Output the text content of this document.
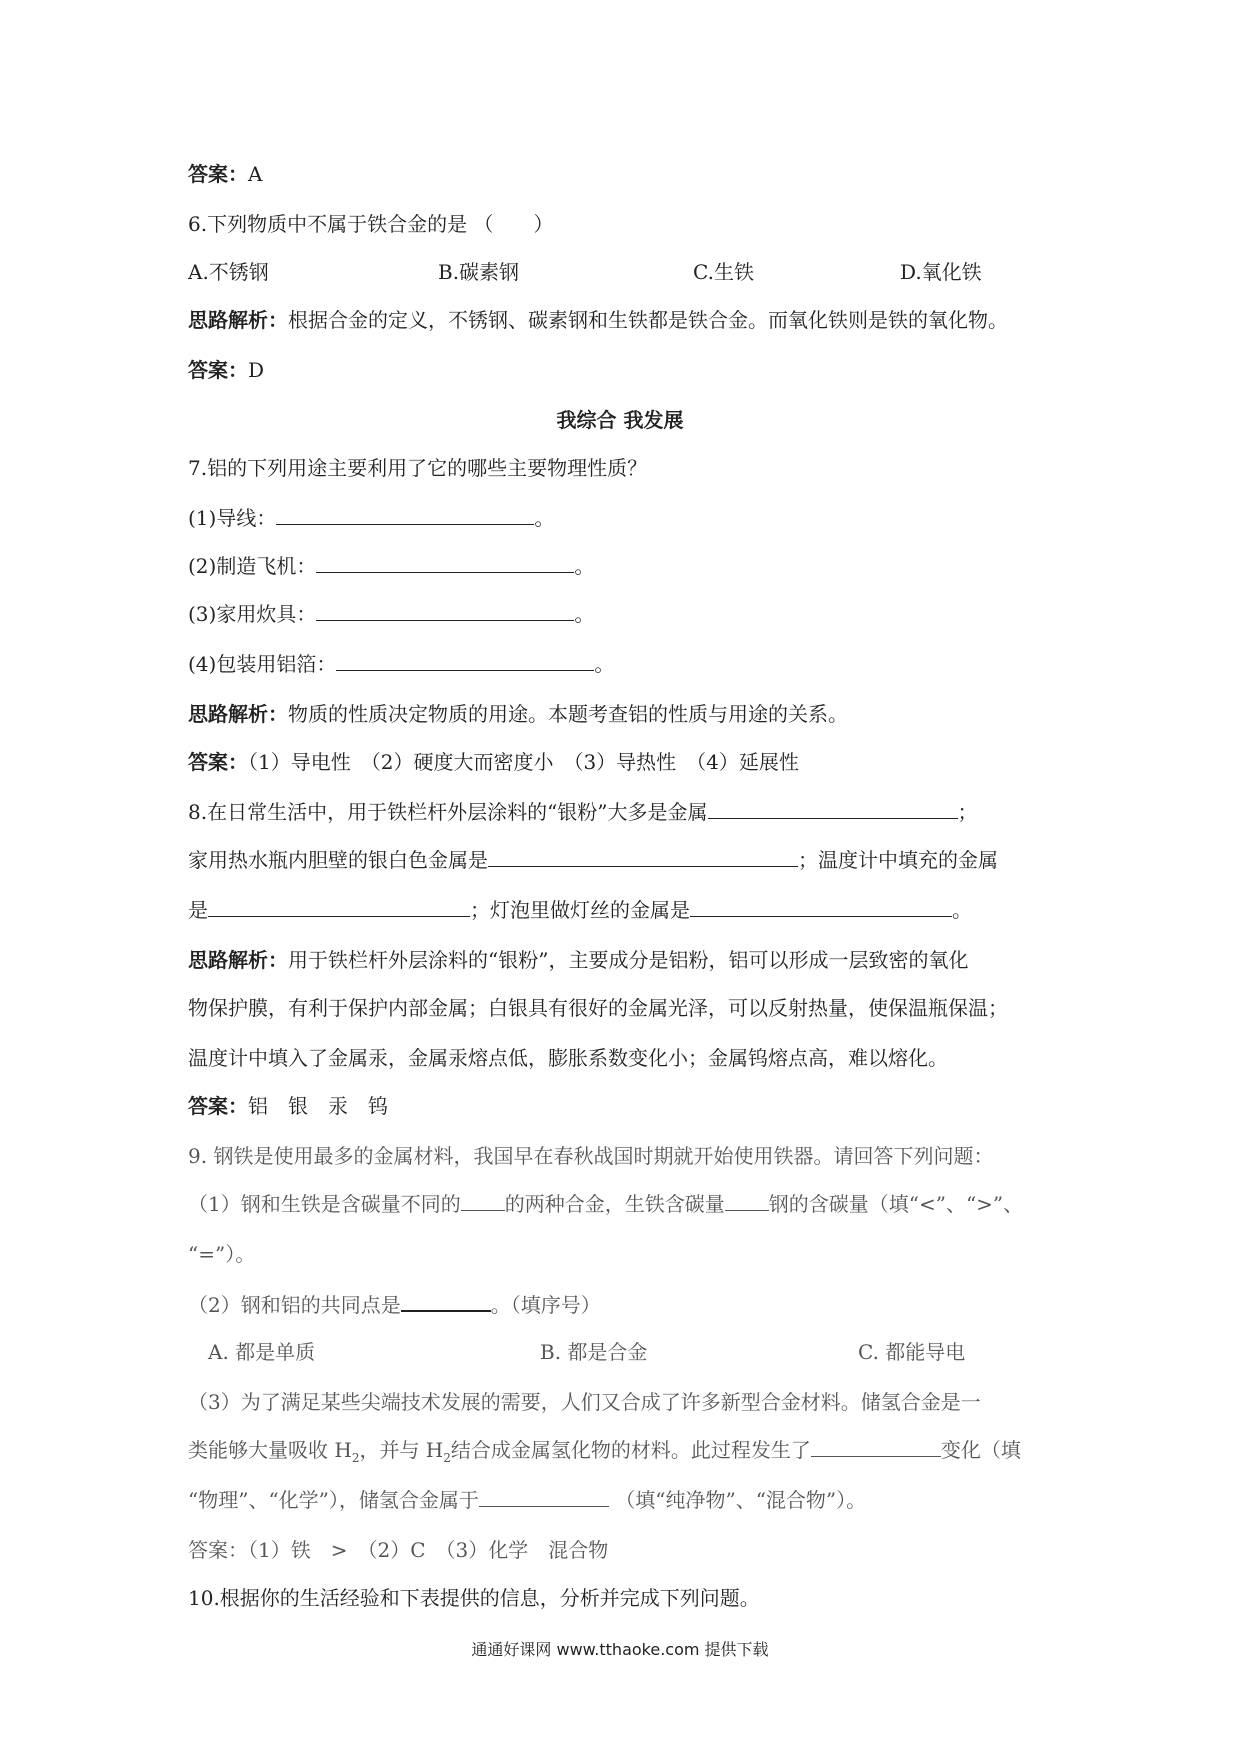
答案：A
6.下列物质中不属于铁合金的是 （　　）
A.不锈钢	B.碳素钢	C.生铁	D.氧化铁
思路解析：根据合金的定义，不锈钢、碳素钢和生铁都是铁合金。而氧化铁则是铁的氧化物。
答案：D
我综合 我发展
7.铝的下列用途主要利用了它的哪些主要物理性质？
(1)导线：	。
(2)制造飞机：	。
(3)家用炊具：	。
(4)包装用铝箔：	。
思路解析：物质的性质决定物质的用途。本题考查铝的性质与用途的关系。
答案：（1）导电性　（2）硬度大而密度小　（3）导热性　（4）延展性
8.在日常生活中，用于铁栏杆外层涂料的“银粉”大多是金属	；
家用热水瓶内胆壁的银白色金属是	；温度计中填充的金属
是	；灯泡里做灯丝的金属是	。
思路解析：用于铁栏杆外层涂料的“银粉”，主要成分是铝粉，铝可以形成一层致密的氧化
物保护膜，有利于保护内部金属；白银具有很好的金属光泽，可以反射热量，使保温瓶保温；
温度计中填入了金属汞，金属汞熔点低，膨胀系数变化小；金属钨熔点高，难以熔化。
答案：铝　银　汞　钨
9. 钢铁是使用最多的金属材料，我国早在春秋战国时期就开始使用铁器。请回答下列问题：
（1）钢和生铁是含碳量不同的 的两种合金，生铁含碳量 钢的含碳量（填“<”、“>”、
“=”）。
（2）钢和铝的共同点是	。（填序号）
A. 都是单质	B. 都是合金	C. 都能导电
（3）为了满足某些尖端技术发展的需要，人们又合成了许多新型合金材料。储氢合金是一
类能够大量吸收 $H_2$，并与 $H_2$结合成金属氢化物的材料。此过程发生了	变化（填
“物理”、“化学”），储氢合金属于	（填“纯净物”、“混合物”）。
答案：（1）铁　>　（2）C　（3）化学　混合物
10.根据你的生活经验和下表提供的信息，分析并完成下列问题。
通通好课网 www.tthaoke.com 提供下载
